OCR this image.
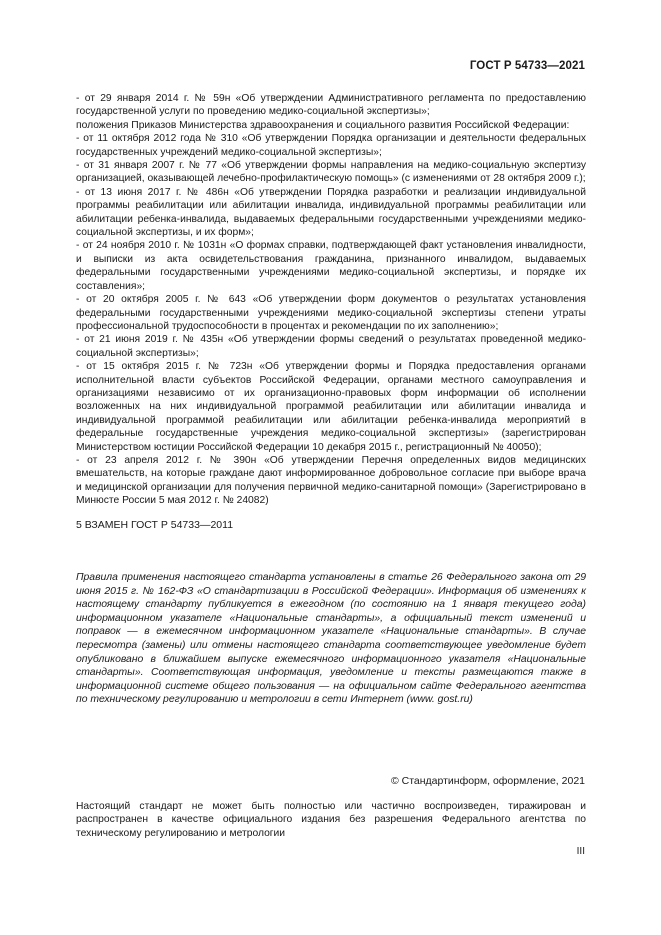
ГОСТ Р 54733—2021

- от 29 января 2014 г. № 59н «Об утверждении Административного регламента по предоставлению государственной услуги по проведению медико-социальной экспертизы»;

положения Приказов Министерства здравоохранения и социального развития Российской Федерации:

- от 11 октября 2012 года № 310 «Об утверждении Порядка организации и деятельности федеральных государственных учреждений медико-социальной экспертизы»;

- от 31 января 2007 г. № 77 «Об утверждении формы направления на медико-социальную экспертизу организацией, оказывающей лечебно-профилактическую помощь» (с изменениями от 28 октября 2009 г.);

- от 13 июня 2017 г. № 486н «Об утверждении Порядка разработки и реализации индивидуальной программы реабилитации или абилитации инвалида, индивидуальной программы реабилитации или абилитации ребенка-инвалида, выдаваемых федеральными государственными учреждениями медико-социальной экспертизы, и их форм»;

- от 24 ноября 2010 г. № 1031н «О формах справки, подтверждающей факт установления инвалидности, и выписки из акта освидетельствования гражданина, признанного инвалидом, выдаваемых федеральными государственными учреждениями медико-социальной экспертизы, и порядке их составления»;

- от 20 октября 2005 г. № 643 «Об утверждении форм документов о результатах установления федеральными государственными учреждениями медико-социальной экспертизы степени утраты профессиональной трудоспособности в процентах и рекомендации по их заполнению»;

- от 21 июня 2019 г. № 435н «Об утверждении формы сведений о результатах проведенной медико-социальной экспертизы»;

- от 15 октября 2015 г. № 723н «Об утверждении формы и Порядка предоставления органами исполнительной власти субъектов Российской Федерации, органами местного самоуправления и организациями независимо от их организационно-правовых форм информации об исполнении возложенных на них индивидуальной программой реабилитации или абилитации инвалида и индивидуальной программой реабилитации или абилитации ребенка-инвалида мероприятий в федеральные государственные учреждения медико-социальной экспертизы» (зарегистрирован Министерством юстиции Российской Федерации 10 декабря 2015 г., регистрационный № 40050);

- от 23 апреля 2012 г. № 390н «Об утверждении Перечня определенных видов медицинских вмешательств, на которые граждане дают информированное добровольное согласие при выборе врача и медицинской организации для получения первичной медико-санитарной помощи» (Зарегистрировано в Минюсте России 5 мая 2012 г. № 24082)

5 ВЗАМЕН ГОСТ Р 54733—2011
Правила применения настоящего стандарта установлены в статье 26 Федерального закона от 29 июня 2015 г. № 162-ФЗ «О стандартизации в Российской Федерации». Информация об изменениях к настоящему стандарту публикуется в ежегодном (по состоянию на 1 января текущего года) информационном указателе «Национальные стандарты», а официальный текст изменений и поправок — в ежемесячном информационном указателе «Национальные стандарты». В случае пересмотра (замены) или отмены настоящего стандарта соответствующее уведомление будет опубликовано в ближайшем выпуске ежемесячного информационного указателя «Национальные стандарты». Соответствующая информация, уведомление и тексты размещаются также в информационной системе общего пользования — на официальном сайте Федерального агентства по техническому регулированию и метрологии в сети Интернет (www. gost.ru)
© Стандартинформ, оформление, 2021
Настоящий стандарт не может быть полностью или частично воспроизведен, тиражирован и распространен в качестве официального издания без разрешения Федерального агентства по техническому регулированию и метрологии
III
